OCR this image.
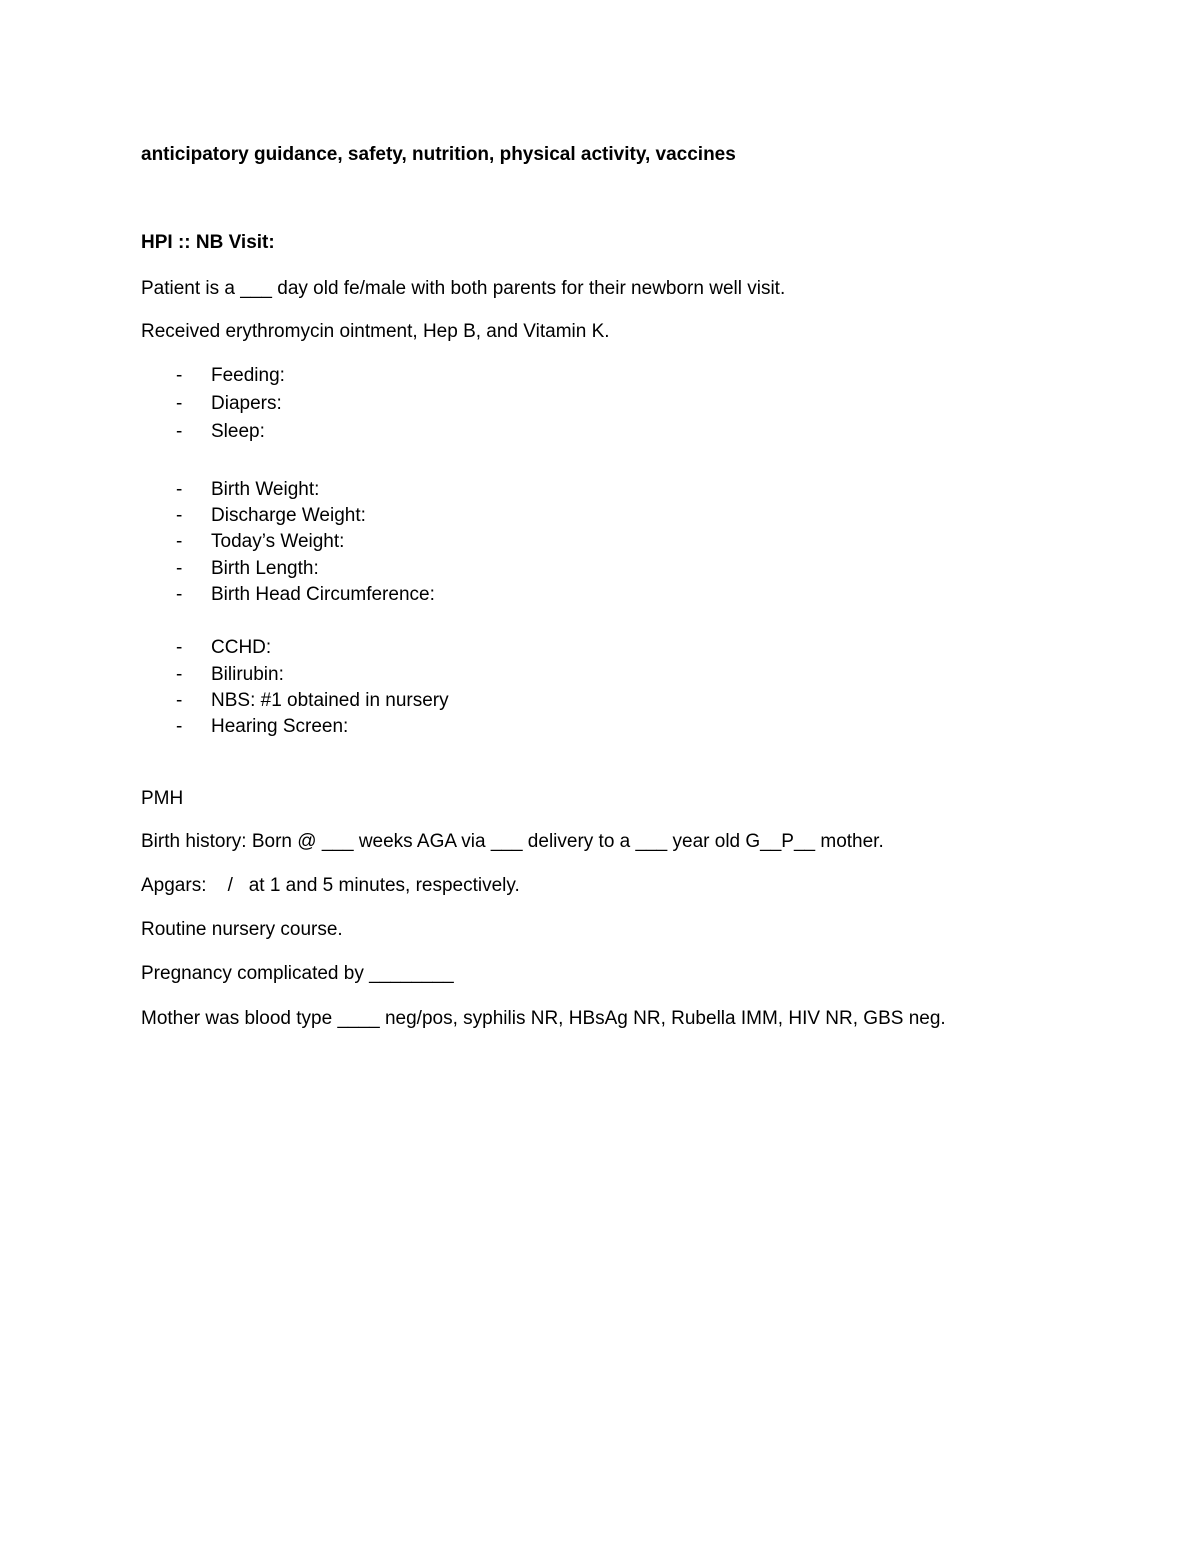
anticipatory guidance, safety, nutrition, physical activity, vaccines
HPI :: NB Visit:
Patient is a ___ day old fe/male with both parents for their newborn well visit.
Received erythromycin ointment, Hep B, and Vitamin K.

-

	Feeding:

-

	Diapers:

-

	Sleep:

-

	Birth Weight:

-

	Discharge Weight:

-

	Today’s Weight:

-

	Birth Length:

-

	Birth Head Circumference:

-

	CCHD:

-

	Bilirubin:

-

	NBS: #1 obtained in nursery

-

	Hearing Screen:

PMH
Birth history: Born @ ___ weeks AGA via ___ delivery to a ___ year old G__P__ mother.
Apgars:    /   at 1 and 5 minutes, respectively.
Routine nursery course.
Pregnancy complicated by ________
Mother was blood type ____ neg/pos, syphilis NR, HBsAg NR, Rubella IMM, HIV NR, GBS neg.
